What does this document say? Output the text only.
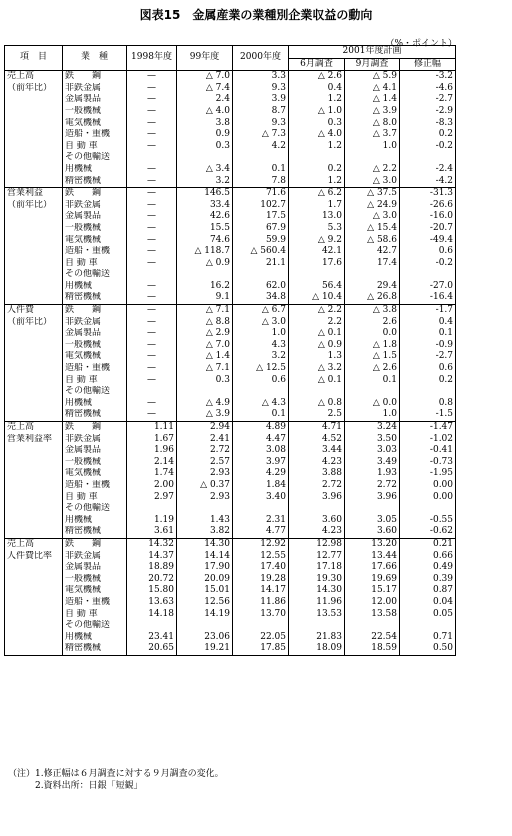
図表15　金属産業の業種別企業収益の動向
（%・ポイント）
項　目	業　種	1998年度	99年度	2000年度	2001年度計画		
					6月調査	9月調査	修正幅
売上高	鉄　　鋼	—	△ 7.0	3.3	△ 2.6	△ 5.9	-3.2
（前年比）	非鉄金属	—	△ 7.4	9.3	0.4	△ 4.1	-4.6
	金属製品	—	2.4	3.9	1.2	△ 1.4	-2.7
	一般機械	—	△ 4.0	8.7	△ 1.0	△ 3.9	-2.9
	電気機械	—	3.8	9.3	0.3	△ 8.0	-8.3
	造船・重機	—	0.9	△ 7.3	△ 4.0	△ 3.7	0.2
	自 動 車	—	0.3	4.2	1.2	1.0	-0.2
	その他輸送						
	用機械	—	△ 3.4	0.1	0.2	△ 2.2	-2.4
	精密機械	—	3.2	7.8	1.2	△ 3.0	-4.2
営業利益	鉄　　鋼	—	146.5	71.6	△ 6.2	△ 37.5	-31.3
（前年比）	非鉄金属	—	33.4	102.7	1.7	△ 24.9	-26.6
	金属製品	—	42.6	17.5	13.0	△ 3.0	-16.0
	一般機械	—	15.5	67.9	5.3	△ 15.4	-20.7
	電気機械	—	74.6	59.9	△ 9.2	△ 58.6	-49.4
	造船・重機	—	△ 118.7	△ 560.4	42.1	42.7	0.6
	自 動 車	—	△ 0.9	21.1	17.6	17.4	-0.2
	その他輸送						
	用機械	—	16.2	62.0	56.4	29.4	-27.0
	精密機械	—	9.1	34.8	△ 10.4	△ 26.8	-16.4
人件費	鉄　　鋼	—	△ 7.1	△ 6.7	△ 2.2	△ 3.8	-1.7
（前年比）	非鉄金属	—	△ 8.8	△ 3.0	2.2	2.6	0.4
	金属製品	—	△ 2.9	1.0	△ 0.1	0.0	0.1
	一般機械	—	△ 7.0	4.3	△ 0.9	△ 1.8	-0.9
	電気機械	—	△ 1.4	3.2	1.3	△ 1.5	-2.7
	造船・重機	—	△ 7.1	△ 12.5	△ 3.2	△ 2.6	0.6
	自 動 車	—	0.3	0.6	△ 0.1	0.1	0.2
	その他輸送						
	用機械	—	△ 4.9	△ 4.3	△ 0.8	△ 0.0	0.8
	精密機械	—	△ 3.9	0.1	2.5	1.0	-1.5
売上高	鉄　　鋼	1.11	2.94	4.89	4.71	3.24	-1.47
営業利益率	非鉄金属	1.67	2.41	4.47	4.52	3.50	-1.02
	金属製品	1.96	2.72	3.08	3.44	3.03	-0.41
	一般機械	2.14	2.57	3.97	4.23	3.49	-0.73
	電気機械	1.74	2.93	4.29	3.88	1.93	-1.95
	造船・重機	2.00	△ 0.37	1.84	2.72	2.72	0.00
	自 動 車	2.97	2.93	3.40	3.96	3.96	0.00
	その他輸送						
	用機械	1.19	1.43	2.31	3.60	3.05	-0.55
	精密機械	3.61	3.82	4.77	4.23	3.60	-0.62
売上高	鉄　　鋼	14.32	14.30	12.92	12.98	13.20	0.21
人件費比率	非鉄金属	14.37	14.14	12.55	12.77	13.44	0.66
	金属製品	18.89	17.90	17.40	17.18	17.66	0.49
	一般機械	20.72	20.09	19.28	19.30	19.69	0.39
	電気機械	15.80	15.01	14.17	14.30	15.17	0.87
	造船・重機	13.63	12.56	11.86	11.96	12.00	0.04
	自 動 車	14.18	14.19	13.70	13.53	13.58	0.05
	その他輸送						
	用機械	23.41	23.06	22.05	21.83	22.54	0.71
	精密機械	20.65	19.21	17.85	18.09	18.59	0.50
（注）1.修正幅は６月調査に対する９月調査の変化。
　　　2.資料出所：日銀「短観」
